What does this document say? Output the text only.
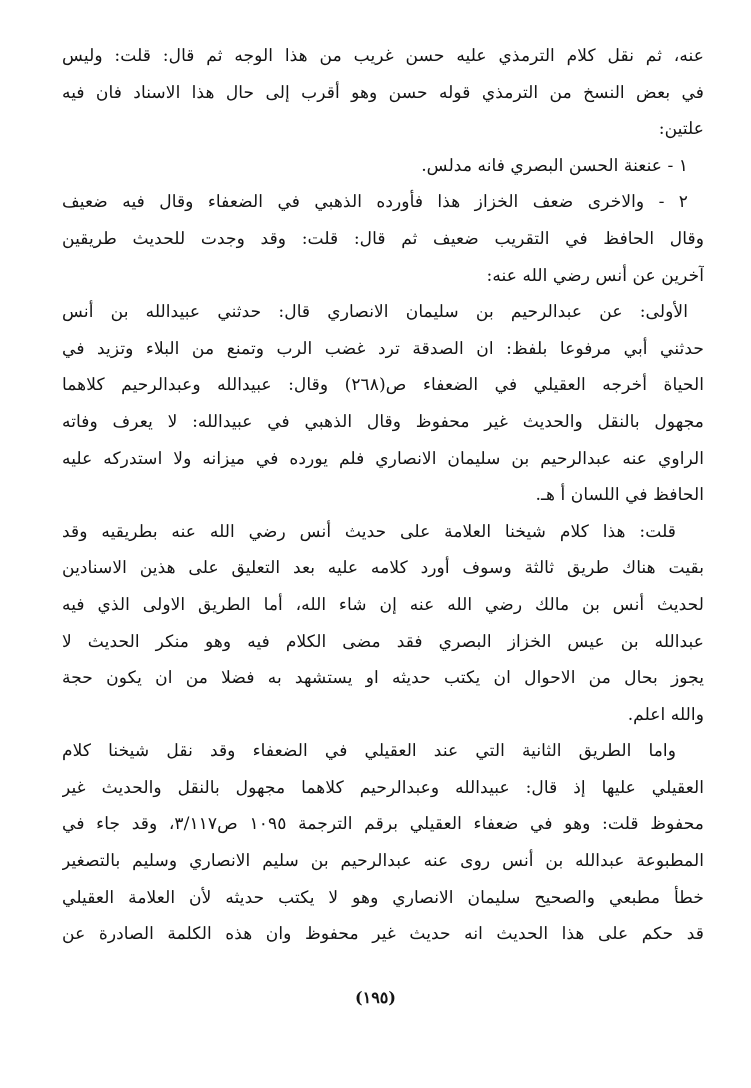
عنه، ثم نقل كلام الترمذي عليه حسن غريب من هذا الوجه ثم قال: قلت: وليس
في بعض النسخ من الترمذي قوله حسن وهو أقرب إلى حال هذا الاسناد فان فيه
علتين:
١ - عنعنة الحسن البصري فانه مدلس.
٢ - والاخرى ضعف الخزاز هذا فأورده الذهبي في الضعفاء وقال فيه ضعيف
وقال الحافظ في التقريب ضعيف ثم قال: قلت: وقد وجدت للحديث طريقين
آخرين عن أنس رضي الله عنه:
الأولى: عن عبدالرحيم بن سليمان الانصاري قال: حدثني عبيدالله بن أنس
حدثني أبي مرفوعا بلفظ: ان الصدقة ترد غضب الرب وتمنع من البلاء وتزيد في
الحياة أخرجه العقيلي في الضعفاء ص(٢٦٨) وقال: عبيدالله وعبدالرحيم كلاهما
مجهول بالنقل والحديث غير محفوظ وقال الذهبي في عبيدالله: لا يعرف وفاته
الراوي عنه عبدالرحيم بن سليمان الانصاري فلم يورده في ميزانه ولا استدركه عليه
الحافظ في اللسان أ هـ.
قلت: هذا كلام شيخنا العلامة على حديث أنس رضي الله عنه بطريقيه وقد
بقيت هناك طريق ثالثة وسوف أورد كلامه عليه بعد التعليق على هذين الاسنادين
لحديث أنس بن مالك رضي الله عنه إن شاء الله، أما الطريق الاولى الذي فيه
عبدالله بن عيس الخزاز البصري فقد مضى الكلام فيه وهو منكر الحديث لا
يجوز بحال من الاحوال ان يكتب حديثه او يستشهد به فضلا من ان يكون حجة
والله اعلم.
واما الطريق الثانية التي عند العقيلي في الضعفاء وقد نقل شيخنا كلام
العقيلي عليها إذ قال: عبيدالله وعبدالرحيم كلاهما مجهول بالنقل والحديث غير
محفوظ قلت: وهو في ضعفاء العقيلي برقم الترجمة ١٠٩٥ ص٣/١١٧، وقد جاء في
المطبوعة عبدالله بن أنس روى عنه عبدالرحيم بن سليم الانصاري وسليم بالتصغير
خطأ مطبعي والصحيح سليمان الانصاري وهو لا يكتب حديثه لأن العلامة العقيلي
قد حكم على هذا الحديث انه حديث غير محفوظ وان هذه الكلمة الصادرة عن
(١٩٥)
